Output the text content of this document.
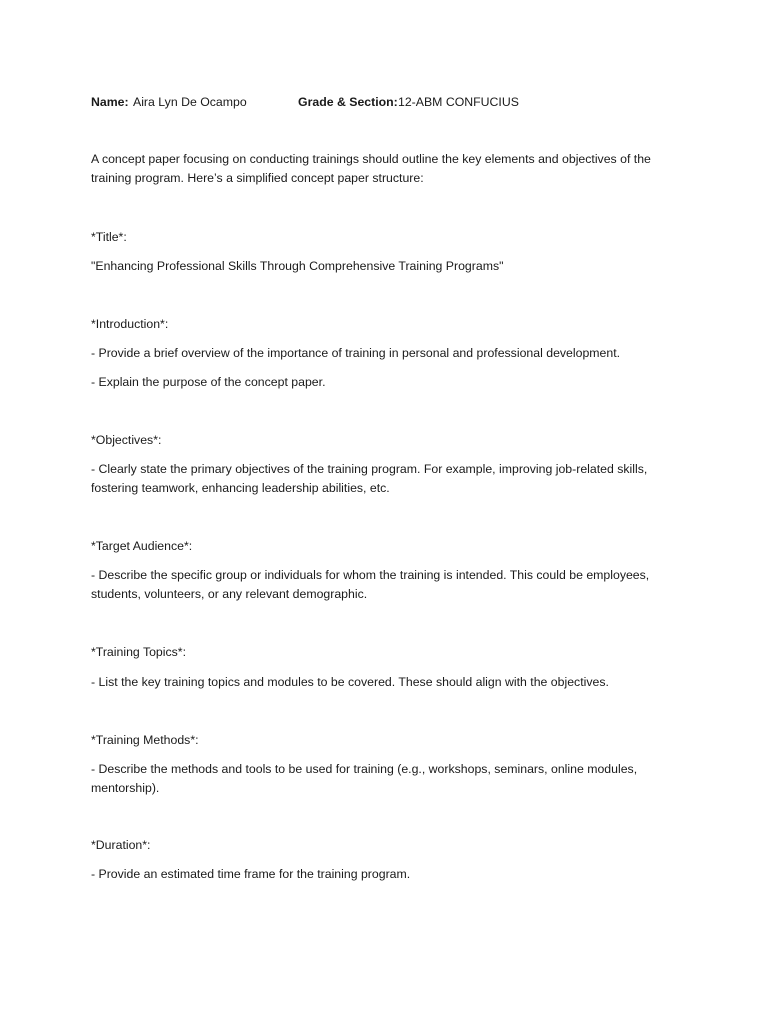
Name: Aira Lyn De Ocampo	Grade & Section: 12-ABM CONFUCIUS
A concept paper focusing on conducting trainings should outline the key elements and objectives of the training program. Here’s a simplified concept paper structure:
*Title*:
"Enhancing Professional Skills Through Comprehensive Training Programs"
*Introduction*:
- Provide a brief overview of the importance of training in personal and professional development.
- Explain the purpose of the concept paper.
*Objectives*:
- Clearly state the primary objectives of the training program. For example, improving job-related skills, fostering teamwork, enhancing leadership abilities, etc.
*Target Audience*:
- Describe the specific group or individuals for whom the training is intended. This could be employees, students, volunteers, or any relevant demographic.
*Training Topics*:
- List the key training topics and modules to be covered. These should align with the objectives.
*Training Methods*:
- Describe the methods and tools to be used for training (e.g., workshops, seminars, online modules, mentorship).
*Duration*:
- Provide an estimated time frame for the training program.
